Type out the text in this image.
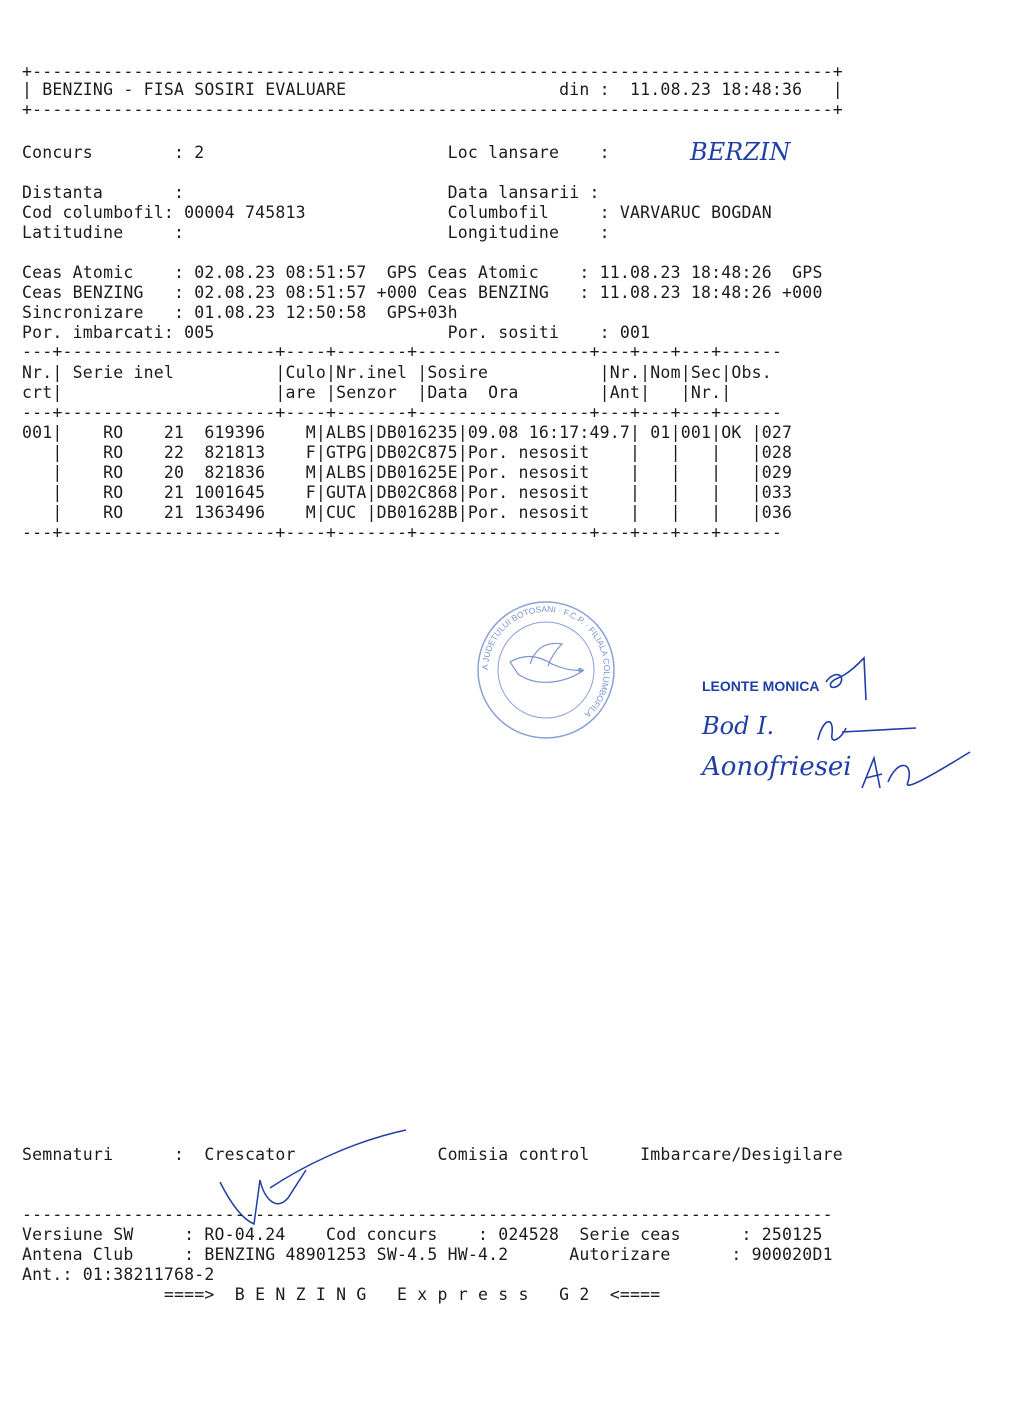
+-------------------------------------------------------------------------------+
| BENZING - FISA SOSIRI EVALUARE                     din :  11.08.23 18:48:36   |
+-------------------------------------------------------------------------------+
Concurs        : 2                        Loc lansare    :	BERZIN
Distanta       :                          Data lansarii :
Cod columbofil: 00004 745813              Columbofil     : VARVARUC BOGDAN
Latitudine     :                          Longitudine    :
Ceas Atomic    : 02.08.23 08:51:57  GPS Ceas Atomic    : 11.08.23 18:48:26  GPS
Ceas BENZING   : 02.08.23 08:51:57 +000 Ceas BENZING   : 11.08.23 18:48:26 +000
Sincronizare   : 01.08.23 12:50:58  GPS+03h
Por. imbarcati: 005                       Por. sositi    : 001
---+---------------------+----+-------+-----------------+---+---+---+------
Nr.| Serie inel          |Culo|Nr.inel |Sosire           |Nr.|Nom|Sec|Obs.
crt|                     |are |Senzor  |Data  Ora        |Ant|   |Nr.|
---+---------------------+----+-------+-----------------+---+---+---+------
001|    RO    21  619396    M|ALBS|DB016235|09.08 16:17:49.7| 01|001|OK |027
|    RO    22  821813    F|GTPG|DB02C875|Por. nesosit    |   |   |   |028
|    RO    20  821836    M|ALBS|DB01625E|Por. nesosit    |   |   |   |029
|    RO    21 1001645    F|GUTA|DB02C868|Por. nesosit    |   |   |   |033
|    RO    21 1363496    M|CUC |DB01628B|Por. nesosit    |   |   |   |036
---+---------------------+----+-------+-----------------+---+---+---+------
A JUDETULUI BOTOSANI · F.C.P. · FILIALA COLUMBOFILA
LEONTE MONICA
Bod I.
Aonofriesei
Semnaturi      :  Crescator              Comisia control     Imbarcare/Desigilare
--------------------------------------------------------------------------------
Versiune SW     : RO-04.24    Cod concurs    : 024528  Serie ceas      : 250125
Antena Club     : BENZING 48901253 SW-4.5 HW-4.2      Autorizare      : 900020D1
Ant.: 01:38211768-2
====>  B E N Z I N G   E x p r e s s   G 2  <====
